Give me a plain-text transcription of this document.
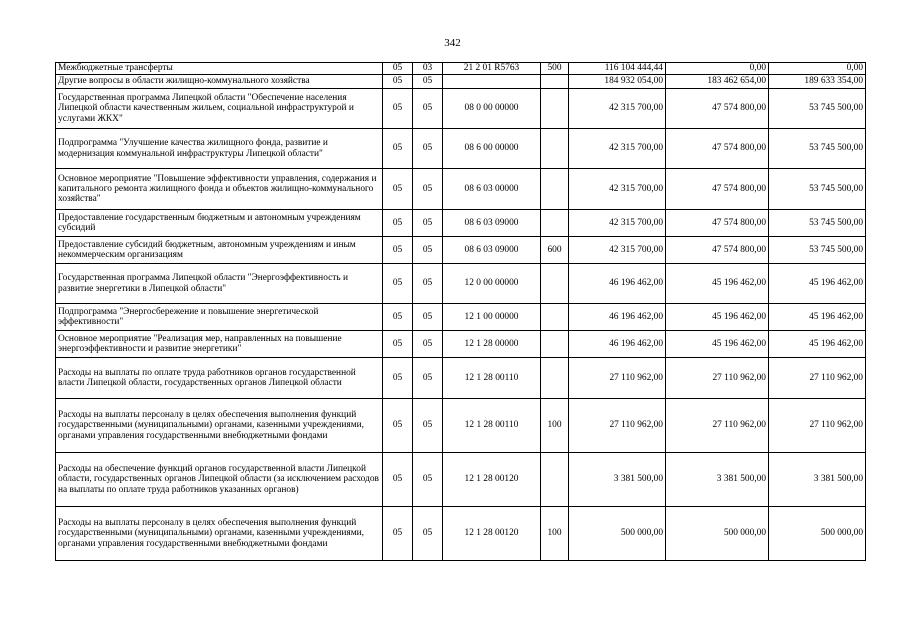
342
Межбюджетные трансферты	05	03	21 2 01 R5763	500	116 104 444,44	0,00	0,00
Другие вопросы в области жилищно-коммунального хозяйства	05	05			184 932 054,00	183 462 654,00	189 633 354,00
Государственная программа Липецкой области "Обеспечение населения Липецкой области качественным жильем, социальной инфраструктурой и услугами ЖКХ"	05	05	08 0 00 00000		42 315 700,00	47 574 800,00	53 745 500,00
Подпрограмма "Улучшение качества жилищного фонда, развитие и модернизация коммунальной инфраструктуры Липецкой области"	05	05	08 6 00 00000		42 315 700,00	47 574 800,00	53 745 500,00
Основное мероприятие "Повышение эффективности управления, содержания и капитального ремонта жилищного фонда и объектов жилищно-коммунального хозяйства"	05	05	08 6 03 00000		42 315 700,00	47 574 800,00	53 745 500,00
Предоставление государственным бюджетным и автономным учреждениям субсидий	05	05	08 6 03 09000		42 315 700,00	47 574 800,00	53 745 500,00
Предоставление субсидий бюджетным, автономным учреждениям и иным некоммерческим организациям	05	05	08 6 03 09000	600	42 315 700,00	47 574 800,00	53 745 500,00
Государственная программа Липецкой области "Энергоэффективность и развитие энергетики в Липецкой области"	05	05	12 0 00 00000		46 196 462,00	45 196 462,00	45 196 462,00
Подпрограмма "Энергосбережение и повышение энергетической эффективности"	05	05	12 1 00 00000		46 196 462,00	45 196 462,00	45 196 462,00
Основное мероприятие "Реализация мер, направленных на повышение энергоэффективности и развитие энергетики"	05	05	12 1 28 00000		46 196 462,00	45 196 462,00	45 196 462,00
Расходы на выплаты по оплате труда работников органов государственной власти Липецкой области, государственных органов Липецкой области	05	05	12 1 28 00110		27 110 962,00	27 110 962,00	27 110 962,00
Расходы на выплаты персоналу в целях обеспечения выполнения функций государственными (муниципальными) органами, казенными учреждениями, органами управления государственными внебюджетными фондами	05	05	12 1 28 00110	100	27 110 962,00	27 110 962,00	27 110 962,00
Расходы на обеспечение функций органов государственной власти Липецкой области, государственных органов Липецкой области (за исключением расходов на выплаты по оплате труда работников указанных органов)	05	05	12 1 28 00120		3 381 500,00	3 381 500,00	3 381 500,00
Расходы на выплаты персоналу в целях обеспечения выполнения функций государственными (муниципальными) органами, казенными учреждениями, органами управления государственными внебюджетными фондами	05	05	12 1 28 00120	100	500 000,00	500 000,00	500 000,00
